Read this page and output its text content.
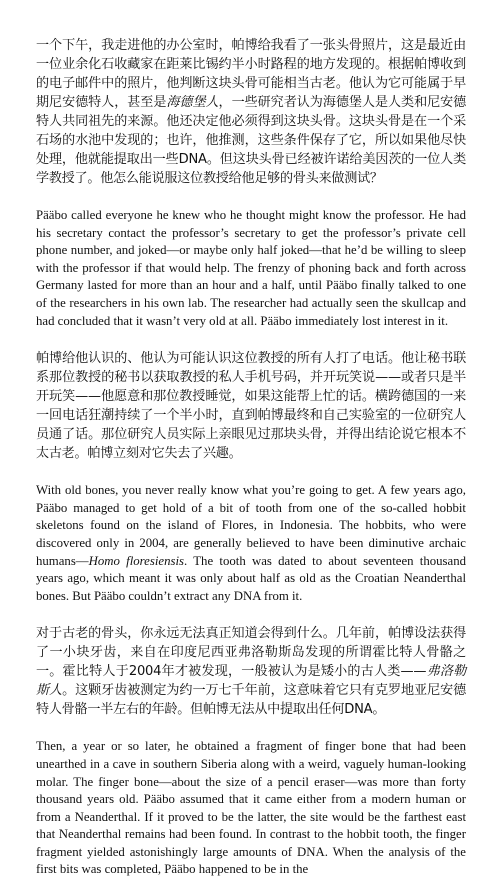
一个下午，我走进他的办公室时，帕博给我看了一张头骨照片，这是最近由一位业余化石收藏家在距莱比锡约半小时路程的地方发现的。根据帕博收到的电子邮件中的照片，他判断这块头骨可能相当古老。他认为它可能属于早期尼安德特人，甚至是海德堡人，一些研究者认为海德堡人是人类和尼安德特人共同祖先的来源。他还决定他必须得到这块头骨。这块头骨是在一个采石场的水池中发现的；也许，他推测，这些条件保存了它，所以如果他尽快处理，他就能提取出一些DNA。但这块头骨已经被许诺给美因茨的一位人类学教授了。他怎么能说服这位教授给他足够的骨头来做测试？

Pääbo called everyone he knew who he thought might know the professor. He had his secretary contact the professor’s secretary to get the professor’s private cell phone number, and joked—or maybe only half joked—that he’d be willing to sleep with the professor if that would help. The frenzy of phoning back and forth across Germany lasted for more than an hour and a half, until Pääbo finally talked to one of the researchers in his own lab. The researcher had actually seen the skullcap and had concluded that it wasn’t very old at all. Pääbo immediately lost interest in it.

帕博给他认识的、他认为可能认识这位教授的所有人打了电话。他让秘书联系那位教授的秘书以获取教授的私人手机号码，并开玩笑说——或者只是半开玩笑——他愿意和那位教授睡觉，如果这能帮上忙的话。横跨德国的一来一回电话狂潮持续了一个半小时，直到帕博最终和自己实验室的一位研究人员通了话。那位研究人员实际上亲眼见过那块头骨，并得出结论说它根本不太古老。帕博立刻对它失去了兴趣。

With old bones, you never really know what you’re going to get. A few years ago, Pääbo managed to get hold of a bit of tooth from one of the so-called hobbit skeletons found on the island of Flores, in Indonesia. The hobbits, who were discovered only in 2004, are generally believed to have been diminutive archaic humans—Homo floresiensis. The tooth was dated to about seventeen thousand years ago, which meant it was only about half as old as the Croatian Neanderthal bones. But Pääbo couldn’t extract any DNA from it.

对于古老的骨头，你永远无法真正知道会得到什么。几年前，帕博设法获得了一小块牙齿，来自在印度尼西亚弗洛勒斯岛发现的所谓霍比特人骨骼之一。霍比特人于2004年才被发现，一般被认为是矮小的古人类——弗洛勒斯人。这颗牙齿被测定为约一万七千年前，这意味着它只有克罗地亚尼安德特人骨骼一半左右的年龄。但帕博无法从中提取出任何DNA。

Then, a year or so later, he obtained a fragment of finger bone that had been unearthed in a cave in southern Siberia along with a weird, vaguely human-looking molar. The finger bone—about the size of a pencil eraser—was more than forty thousand years old. Pääbo assumed that it came either from a modern human or from a Neanderthal. If it proved to be the latter, the site would be the farthest east that Neanderthal remains had been found. In contrast to the hobbit tooth, the finger fragment yielded astonishingly large amounts of DNA. When the analysis of the first bits was completed, Pääbo happened to be in the
